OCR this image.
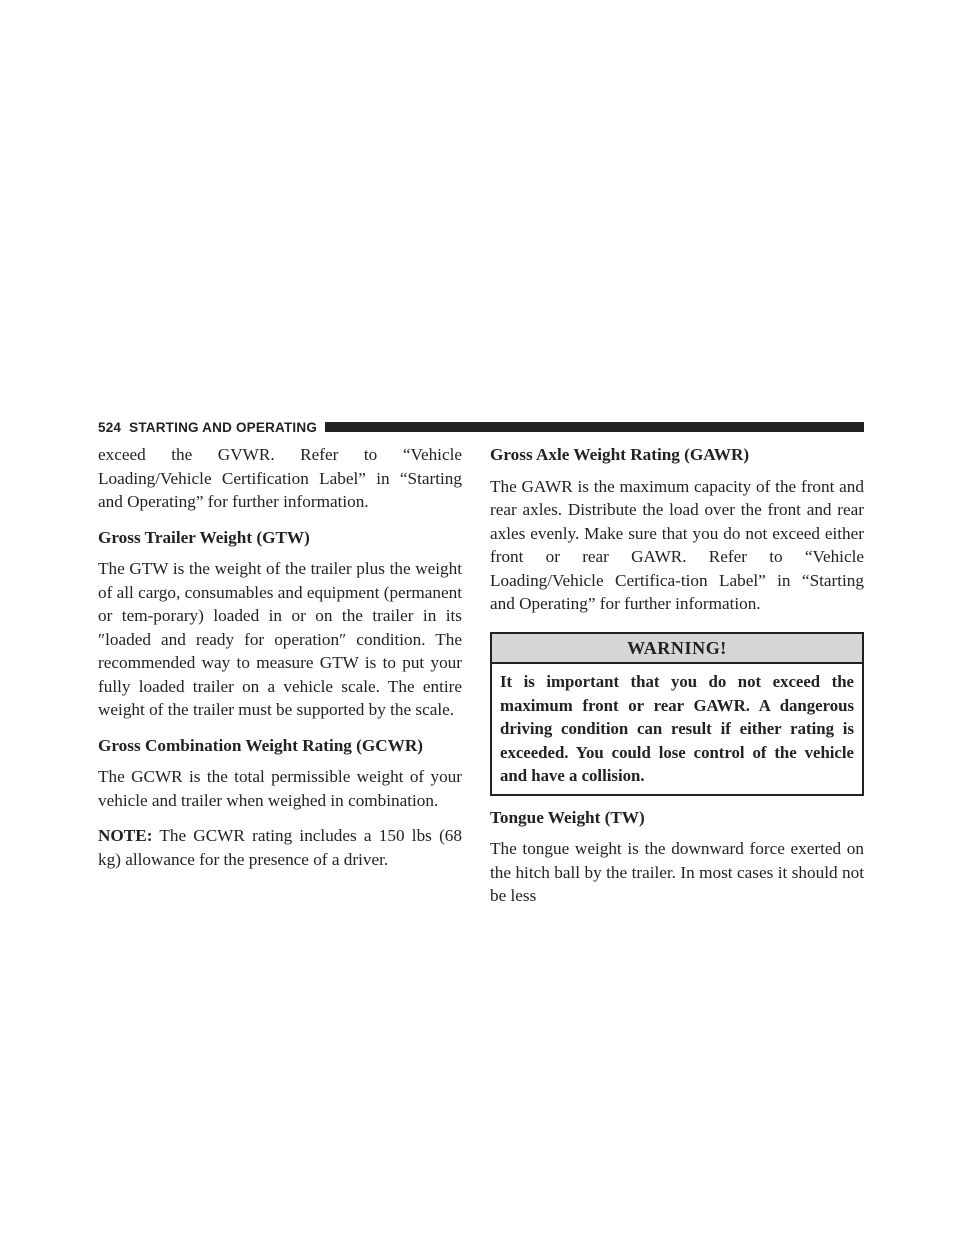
524 STARTING AND OPERATING

exceed the GVWR. Refer to “Vehicle Loading/Vehicle Certification Label” in “Starting and Operating” for further information.

Gross Trailer Weight (GTW)

The GTW is the weight of the trailer plus the weight of all cargo, consumables and equipment (permanent or tem-porary) loaded in or on the trailer in its ″loaded and ready for operation″ condition. The recommended way to measure GTW is to put your fully loaded trailer on a vehicle scale. The entire weight of the trailer must be supported by the scale.

Gross Combination Weight Rating (GCWR)

The GCWR is the total permissible weight of your vehicle and trailer when weighed in combination.

NOTE: The GCWR rating includes a 150 lbs (68 kg) allowance for the presence of a driver.

Gross Axle Weight Rating (GAWR)

The GAWR is the maximum capacity of the front and rear axles. Distribute the load over the front and rear axles evenly. Make sure that you do not exceed either front or rear GAWR. Refer to “Vehicle Loading/Vehicle Certifica-tion Label” in “Starting and Operating” for further information.

WARNING!
It is important that you do not exceed the maximum front or rear GAWR. A dangerous driving condition can result if either rating is exceeded. You could lose control of the vehicle and have a collision.
Tongue Weight (TW)

The tongue weight is the downward force exerted on the hitch ball by the trailer. In most cases it should not be less
